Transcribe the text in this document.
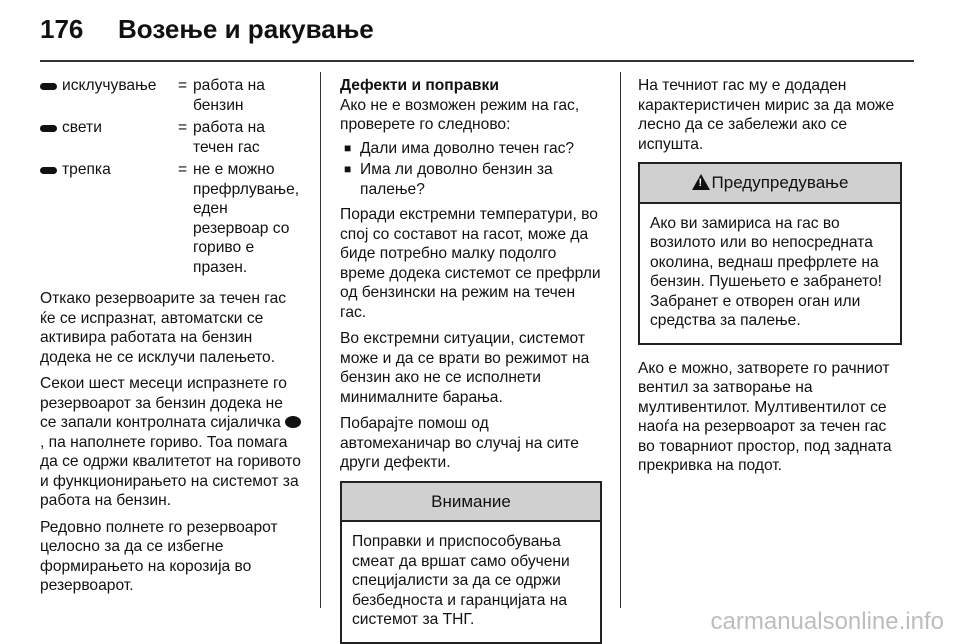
176	Возење и ракување
исклучување = работа на бензин
свети	= работа на течен гас
трепка	= не е можно префрлување, еден резервоар со гориво е празен.

Откако резервоарите за течен гас ќе се испразнат, автоматски се активира работата на бензин додека не се исклучи палењето.

Секои шест месеци испразнете го резервоарот за бензин додека не се запали контролната сијаличка , па наполнете гориво. Тоа помага да се одржи квалитетот на горивото и функционирањето на системот за работа на бензин.

Редовно полнете го резервоарот целосно за да се избегне формирањето на корозија во резервоарот.

Дефекти и поправки

Ако не е возможен режим на гас, проверете го следново:

■ Дали има доволно течен гас?
■ Има ли доволно бензин за палење?

Поради екстремни температури, во спој со составот на гасот, може да биде потребно малку подолго време додека системот се префрли од бензински на режим на течен гас.

Во екстремни ситуации, системот може и да се врати во режимот на бензин ако не се исполнети минималните барања.

Побарајте помош од автомеханичар во случај на сите други дефекти.

Внимание
Поправки и приспособувања смеат да вршат само обучени специјалисти за да се одржи безбедноста и гаранцијата на системот за ТНГ.

На течниот гас му е додаден карактеристичен мирис за да може лесно да се забележи ако се испушта.

!Предупредување
Ако ви замириса на гас во возилото или во непосредната околина, веднаш префрлете на бензин. Пушењето е забрането! Забранет е отворен оган или средства за палење.

Ако е можно, затворете го рачниот вентил за затворање на мултивентилот. Мултивентилот се наоѓа на резервоарот за течен гас во товарниот простор, под задната прекривка на подот.

carmanualsonline.info
